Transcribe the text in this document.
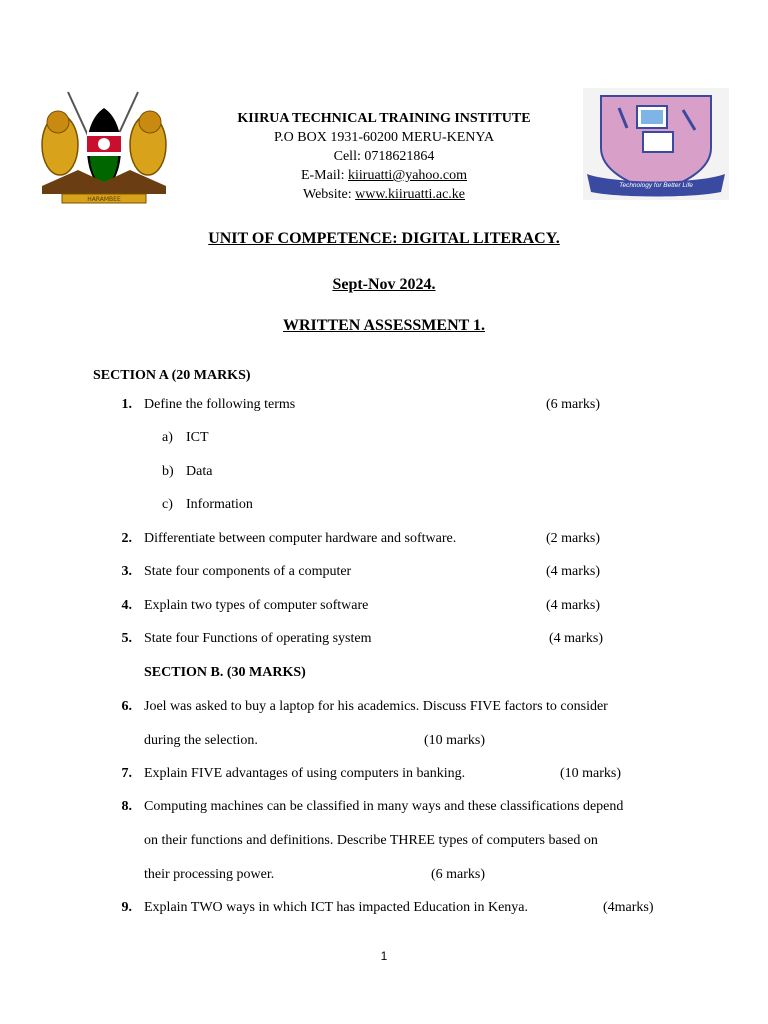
HARAMBEE
KIIRUA TECHNICAL TRAINING INSTITUTE
P.O BOX 1931-60200 MERU-KENYA
Cell: 0718621864
E-Mail: kiiruatti@yahoo.com
Website: www.kiiruatti.ac.ke
Technology for Better Life
UNIT OF COMPETENCE: DIGITAL LITERACY.
Sept-Nov 2024.
WRITTEN ASSESSMENT 1.
SECTION A (20 MARKS)
1. Define the following terms	(6 marks)
a) ICT
b) Data
c) Information
2. Differentiate between computer hardware and software.	(2 marks)
3. State four components of a computer	(4 marks)
4. Explain two types of computer software	(4 marks)
5. State four Functions of operating system	(4 marks)
SECTION B. (30 MARKS)
6. Joel was asked to buy a laptop for his academics. Discuss FIVE factors to consider
during the selection.	(10 marks)
7. Explain FIVE advantages of using computers in banking.	(10 marks)
8. Computing machines can be classified in many ways and these classifications depend
on their functions and definitions. Describe THREE types of computers based on
their processing power.	(6 marks)
9. Explain TWO ways in which ICT has impacted Education in Kenya.	(4marks)
1
